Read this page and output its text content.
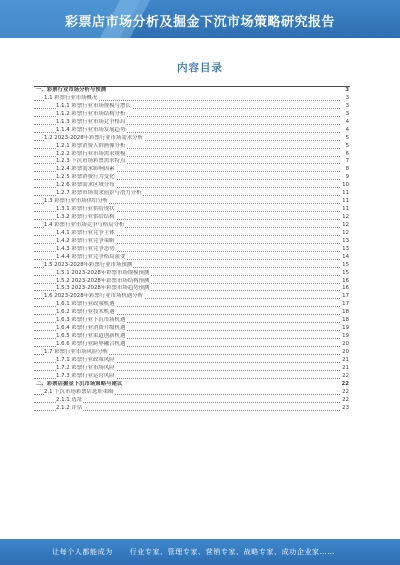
彩票店市场分析及掘金下沉市场策略研究报告
内容目录
一、彩票行业市场分析与预测	3
1.1 彩票行业市场概况	3
1.1.1 彩票行业市场规模与增长	3
1.1.2 彩票行业市场结构分析	3
1.1.3 彩票行业市场竞争格局	4
1.1.4 彩票行业市场发展趋势	4
1.2 2023-2028年彩票行业市场需求分析	5
1.2.1 彩票消费人群画像分析	5
1.2.2 彩票行业市场需求规模	6
1.2.3 下沉市场彩票需求特点	7
1.2.4 彩票需求影响因素	8
1.2.5 彩票消费行为变化	9
1.2.6 彩票需求区域分布	10
1.2.7 彩票市场需求前景与潜力分析	11
1.3 彩票行业市场供给分析	11
1.3.1 彩票行业供给现状	11
1.3.2 彩票行业供给结构	12
1.4 彩票行业市场竞争与格局分析	12
1.4.1 彩票行业竞争主体	12
1.4.2 彩票行业竞争策略	13
1.4.3 彩票行业竞争态势	13
1.4.4 彩票行业竞争格局演变	14
1.5 2023-2028年彩票行业市场预测	15
1.5.1 2023-2028年彩票市场规模预测	15
1.5.2 2023-2028年彩票市场结构预测	16
1.5.3 2023-2028年彩票市场趋势预测	16
1.6 2023-2028年彩票行业市场机遇分析	17
1.6.1 彩票行业政策机遇	17
1.6.2 彩票行业技术机遇	18
1.6.3 彩票行业下沉市场机遇	18
1.6.4 彩票行业消费升级机遇	19
1.6.5 彩票行业渠道创新机遇	19
1.6.6 彩票行业跨界融合机遇	20
1.7 彩票行业市场风险分析	20
1.7.1 彩票行业政策风险	21
1.7.2 彩票行业市场风险	21
1.7.3 彩票行业运营风险	22
二、彩票店掘金下沉市场策略与建议	22
2.1 下沉市场彩票店选址策略	22
2.1.1 选址	22
2.1.2 评估	23
让每个人都能成为 行业专家、管理专家、营销专家、战略专家、成功企业家……
